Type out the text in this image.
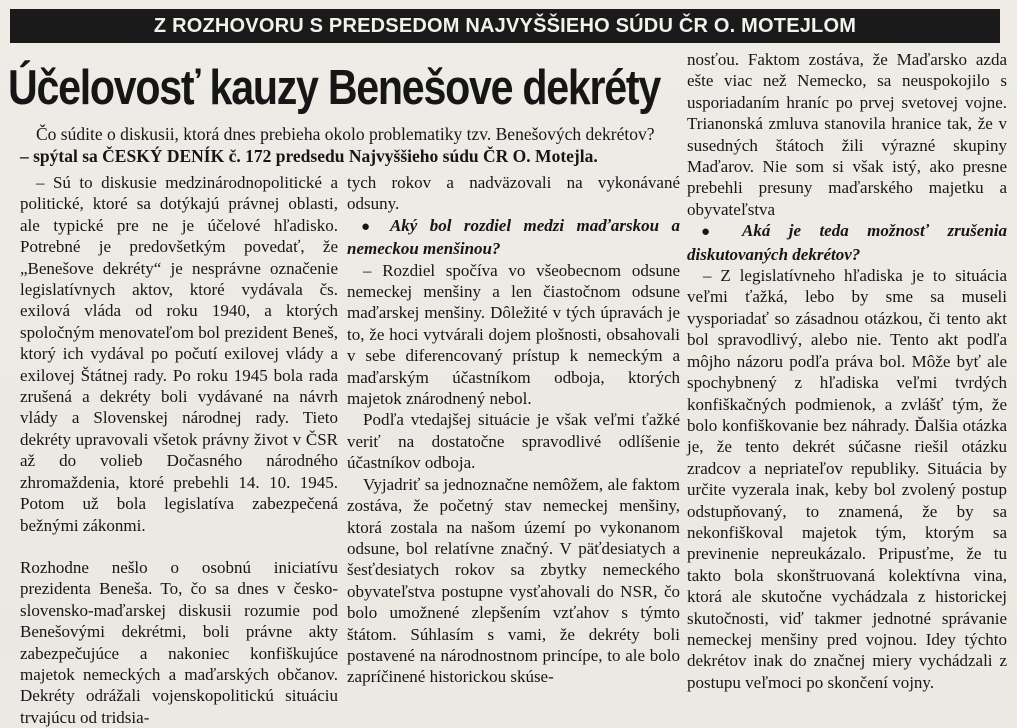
Z ROZHOVORU S PREDSEDOM NAJVYŠŠIEHO SÚDU ČR O. MOTEJLOM
Účelovosť kauzy Benešove dekréty
Čo súdite o diskusii, ktorá dnes prebieha okolo problematiky tzv. Benešových dekrétov?
– spýtal sa ČESKÝ DENÍK č. 172 predsedu Najvyššieho súdu ČR O. Motejla.

– Sú to diskusie medzinárodnopolitické a politické, ktoré sa dotýkajú právnej oblasti, ale typické pre ne je účelové hľadisko. Potrebné je predovšetkým povedať, že „Benešove dekréty“ je nesprávne označenie legislatívnych aktov, ktoré vydávala čs. exilová vláda od roku 1940, a ktorých spoločným menovateľom bol prezident Beneš, ktorý ich vydával po počutí exilovej vlády a exilovej Štátnej rady. Po roku 1945 bola rada zrušená a dekréty boli vydávané na návrh vlády a Slovenskej národnej rady. Tieto dekréty upravovali všetok právny život v ČSR až do volieb Dočasného národného zhromaždenia, ktoré prebehli 14. 10. 1945. Potom už bola legislatíva zabezpečená bežnými zákonmi.

Rozhodne nešlo o osobnú iniciatívu prezidenta Beneša. To, čo sa dnes v česko-slovensko-maďarskej diskusii rozumie pod Benešovými dekrétmi, boli právne akty zabezpečujúce a nakoniec konfiškujúce majetok nemeckých a maďarských občanov. Dekréty odrážali vojenskopolitickú situáciu trvajúcu od tridsia-

tych rokov a nadväzovali na vykonávané odsuny.

● Aký bol rozdiel medzi maďarskou a nemeckou menšinou?

– Rozdiel spočíva vo všeobecnom odsune nemeckej menšiny a len čiastočnom odsune maďarskej menšiny. Dôležité v tých úpravách je to, že hoci vytvárali dojem plošnosti, obsahovali v sebe diferencovaný prístup k nemeckým a maďarským účastníkom odboja, ktorých majetok znárodnený nebol.

Podľa vtedajšej situácie je však veľmi ťažké veriť na dostatočne spravodlivé odlíšenie účastníkov odboja.

Vyjadriť sa jednoznačne nemôžem, ale faktom zostáva, že početný stav nemeckej menšiny, ktorá zostala na našom území po vykonanom odsune, bol relatívne značný. V päťdesiatych a šesťdesiatych rokov sa zbytky nemeckého obyvateľstva postupne vysťahovali do NSR, čo bolo umožnené zlepšením vzťahov s týmto štátom. Súhlasím s vami, že dekréty boli postavené na národnostnom princípe, to ale bolo zapríčinené historickou skúse-

nosťou. Faktom zostáva, že Maďarsko azda ešte viac než Nemecko, sa neuspokojilo s usporiadaním hraníc po prvej svetovej vojne. Trianonská zmluva stanovila hranice tak, že v susedných štátoch žili výrazné skupiny Maďarov. Nie som si však istý, ako presne prebehli presuny maďarského majetku a obyvateľstva

● Aká je teda možnosť zrušenia diskutovaných dekrétov?

– Z legislatívneho hľadiska je to situácia veľmi ťažká, lebo by sme sa museli vysporiadať so zásadnou otázkou, či tento akt bol spravodlivý, alebo nie. Tento akt podľa môjho názoru podľa práva bol. Môže byť ale spochybnený z hľadiska veľmi tvrdých konfiškačných podmienok, a zvlášť tým, že bolo konfiškovanie bez náhrady. Ďalšia otázka je, že tento dekrét súčasne riešil otázku zradcov a nepriateľov republiky. Situácia by určite vyzerala inak, keby bol zvolený postup odstupňovaný, to znamená, že by sa nekonfiškoval majetok tým, ktorým sa previnenie nepreukázalo. Pripusťme, že tu takto bola skonštruovaná kolektívna vina, ktorá ale skutočne vychádzala z historickej skutočnosti, viď takmer jednotné správanie nemeckej menšiny pred vojnou. Idey týchto dekrétov inak do značnej miery vychádzali z postupu veľmoci po skončení vojny.
